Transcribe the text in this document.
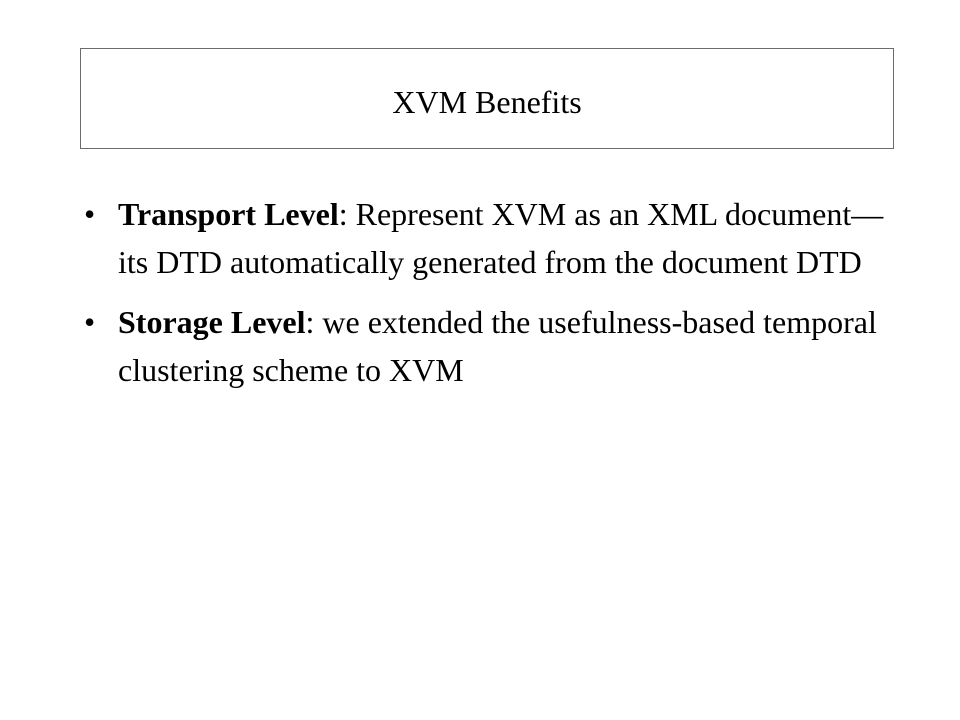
XVM Benefits
• Transport Level: Represent XVM as an XML document—its DTD automatically generated from the document DTD
• Storage Level: we extended the usefulness-based temporal clustering scheme to XVM
